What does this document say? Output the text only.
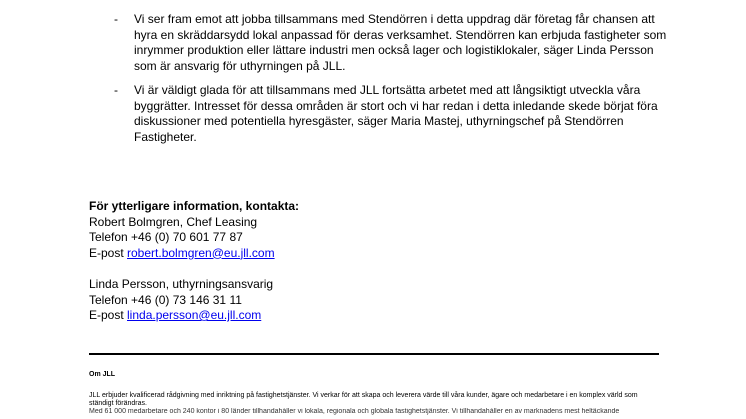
- Vi ser fram emot att jobba tillsammans med Stendörren i detta uppdrag där företag får chansen att hyra en skräddarsydd lokal anpassad för deras verksamhet. Stendörren kan erbjuda fastigheter som inrymmer produktion eller lättare industri men också lager och logistiklokaler, säger Linda Persson som är ansvarig för uthyrningen på JLL.
- Vi är väldigt glada för att tillsammans med JLL fortsätta arbetet med att långsiktigt utveckla våra byggrätter. Intresset för dessa områden är stort och vi har redan i detta inledande skede börjat föra diskussioner med potentiella hyresgäster, säger Maria Mastej, uthyrningschef på Stendörren Fastigheter.
För ytterligare information, kontakta:
Robert Bolmgren, Chef Leasing
Telefon +46 (0) 70 601 77 87
E-post robert.bolmgren@eu.jll.com
Linda Persson, uthyrningsansvarig
Telefon +46 (0) 73 146 31 11
E-post linda.persson@eu.jll.com
Om JLL
JLL erbjuder kvalificerad rådgivning med inriktning på fastighetstjänster. Vi verkar för att skapa och leverera värde till våra kunder, ägare och medarbetare i en komplex värld som ständigt förändras.
Med 61 000 medarbetare och 240 kontor i 80 länder tillhandahåller vi lokala, regionala och globala fastighetstjänster. Vi tillhandahåller en av marknadens mest heltäckande
